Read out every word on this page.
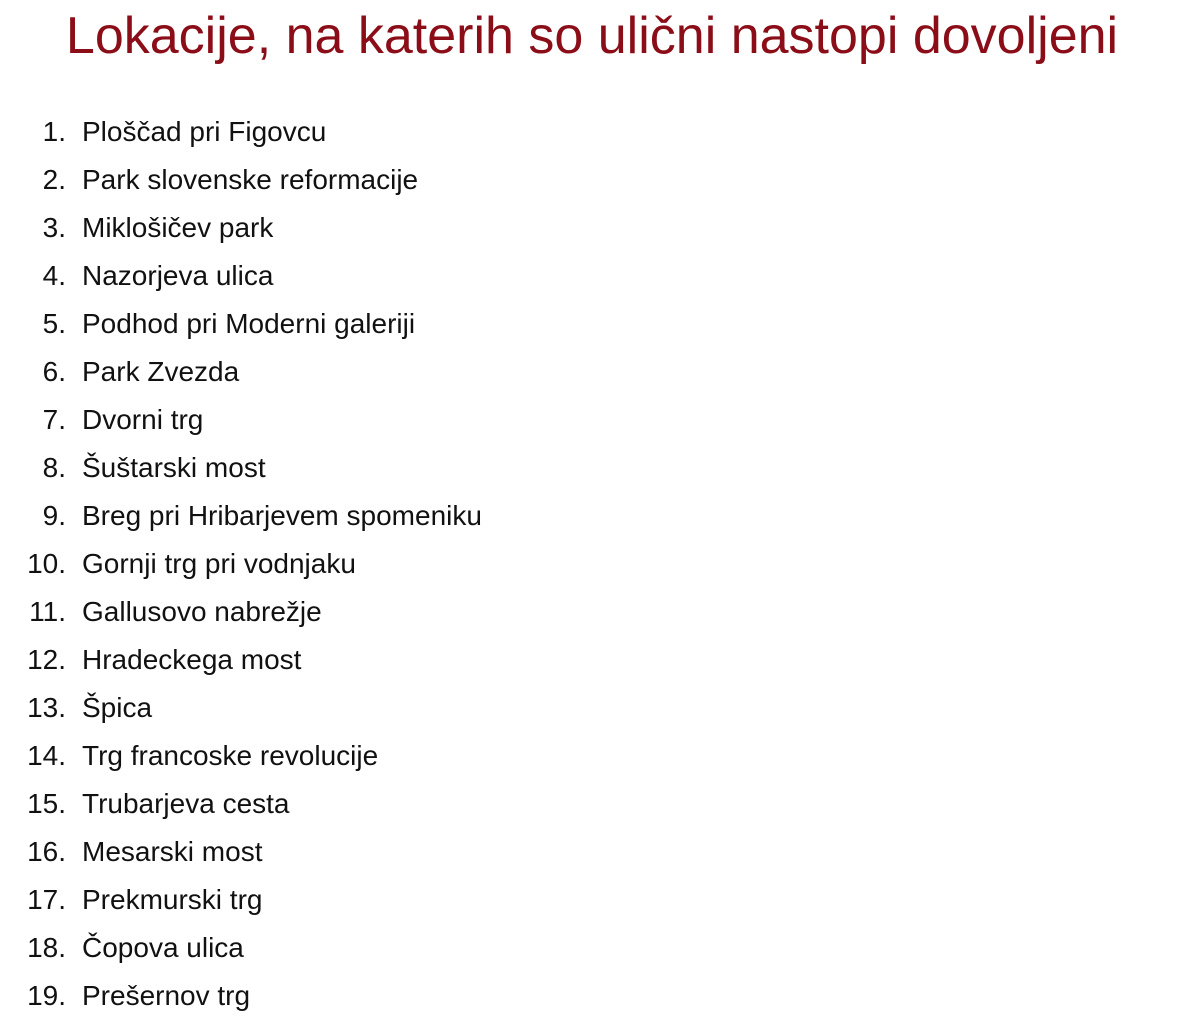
Lokacije, na katerih so ulični nastopi dovoljeni
1. Ploščad pri Figovcu
2. Park slovenske reformacije
3. Miklošičev park
4. Nazorjeva ulica
5. Podhod pri Moderni galeriji
6. Park Zvezda
7. Dvorni trg
8. Šuštarski most
9. Breg pri Hribarjevem spomeniku
10. Gornji trg pri vodnjaku
11. Gallusovo nabrežje
12. Hradeckega most
13. Špica
14. Trg francoske revolucije
15. Trubarjeva cesta
16. Mesarski most
17. Prekmurski trg
18. Čopova ulica
19. Prešernov trg
